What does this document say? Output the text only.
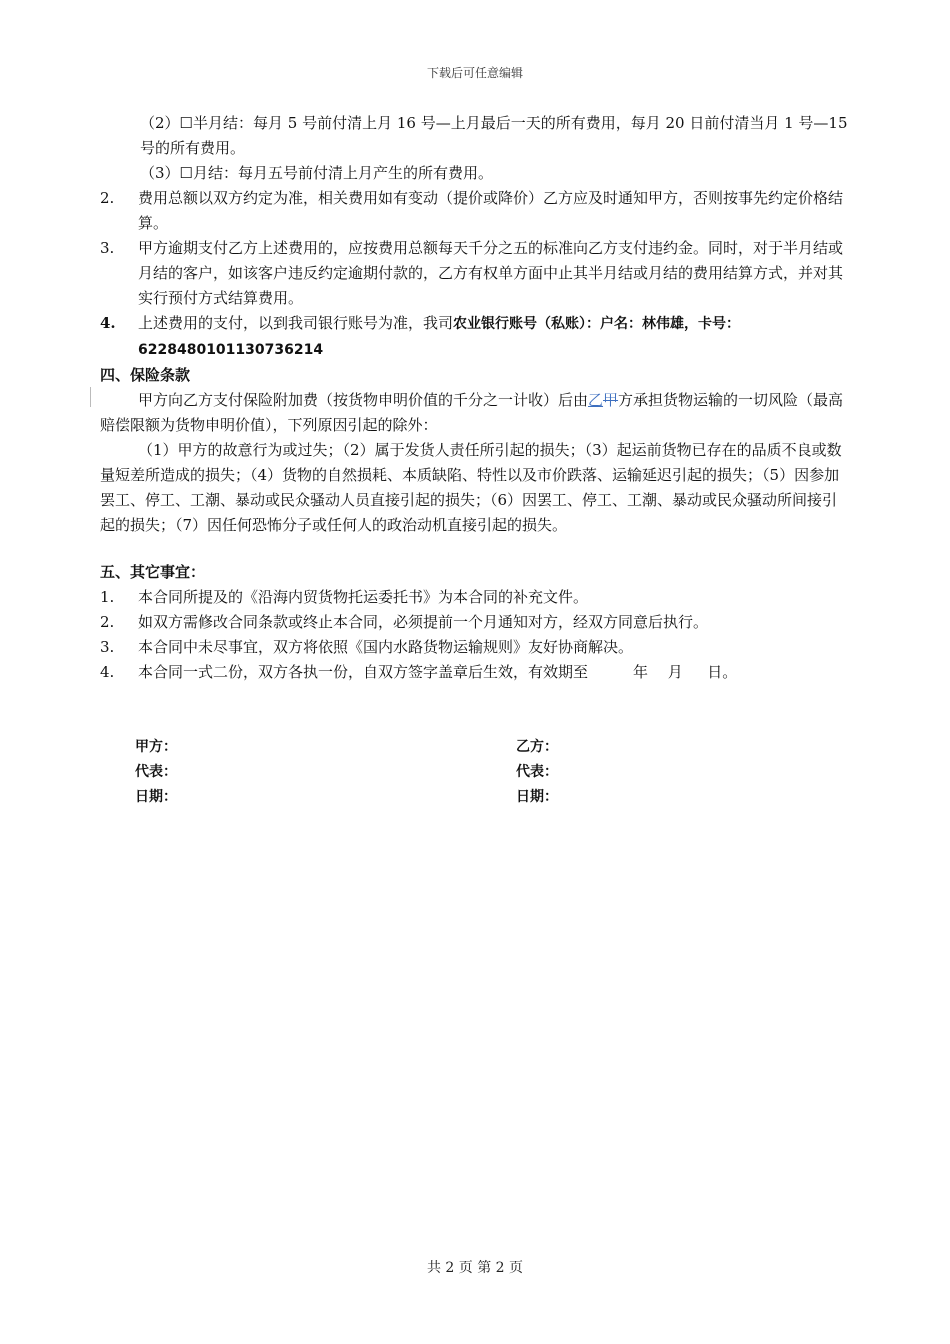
下载后可任意编辑

（2）☐半月结：每月 5 号前付清上月 16 号—上月最后一天的所有费用，每月 20 日前付清当月 1 号—15 号的所有费用。

（3）☐月结：每月五号前付清上月产生的所有费用。

2. 费用总额以双方约定为准，相关费用如有变动（提价或降价）乙方应及时通知甲方，否则按事先约定价格结算。
3. 甲方逾期支付乙方上述费用的，应按费用总额每天千分之五的标准向乙方支付违约金。同时，对于半月结或月结的客户，如该客户违反约定逾期付款的，乙方有权单方面中止其半月结或月结的费用结算方式，并对其实行预付方式结算费用。
4. 上述费用的支付，以到我司银行账号为准，我司农业银行账号（私账）：户名：林伟雄，卡号：6228480101130736214

四、保险条款

甲方向乙方支付保险附加费（按货物申明价值的千分之一计收）后由乙甲方承担货物运输的一切风险（最高赔偿限额为货物申明价值），下列原因引起的除外：

（1）甲方的故意行为或过失；（2）属于发货人责任所引起的损失；（3）起运前货物已存在的品质不良或数量短差所造成的损失；（4）货物的自然损耗、本质缺陷、特性以及市价跌落、运输延迟引起的损失；（5）因参加罢工、停工、工潮、暴动或民众骚动人员直接引起的损失；（6）因罢工、停工、工潮、暴动或民众骚动所间接引起的损失；（7）因任何恐怖分子或任何人的政治动机直接引起的损失。

五、其它事宜：

1. 本合同所提及的《沿海内贸货物托运委托书》为本合同的补充文件。
2. 如双方需修改合同条款或终止本合同，必须提前一个月通知对方，经双方同意后执行。
3. 本合同中未尽事宜，双方将依照《国内水路货物运输规则》友好协商解决。
4. 本合同一式二份，双方各执一份，自双方签字盖章后生效，有效期至　　　年　 月　  日。
甲方：	乙方：
代表：	代表：
日期：	日期：
共 2 页 第 2 页
